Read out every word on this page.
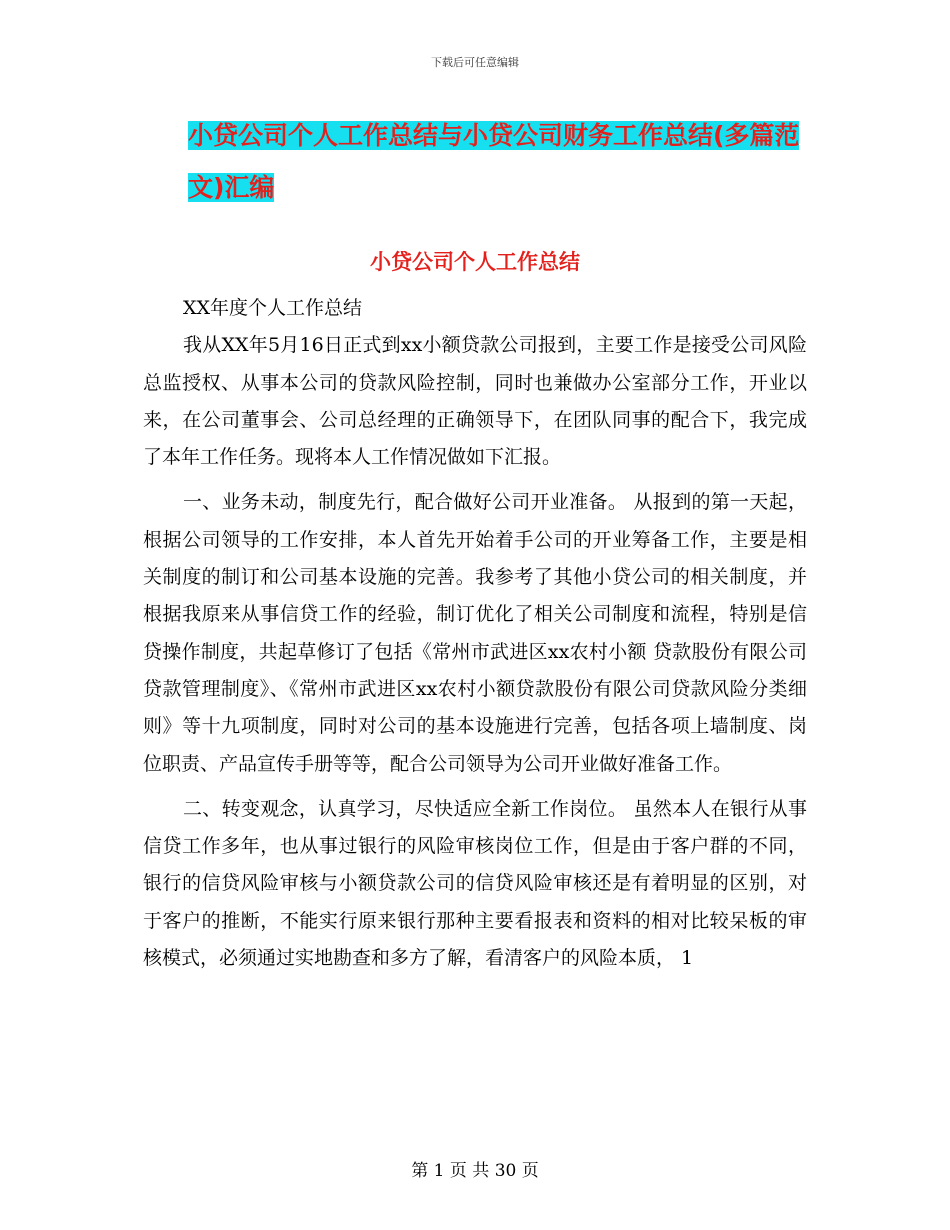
下载后可任意编辑
小贷公司个人工作总结与小贷公司财务工作总结(多篇范文)汇编
小贷公司个人工作总结

XX年度个人工作总结

我从XX年5月16日正式到xx小额贷款公司报到，主要工作是接受公司风险总监授权、从事本公司的贷款风险控制，同时也兼做办公室部分工作，开业以来，在公司董事会、公司总经理的正确领导下，在团队同事的配合下，我完成了本年工作任务。现将本人工作情况做如下汇报。

一、业务未动，制度先行，配合做好公司开业准备。 从报到的第一天起，根据公司领导的工作安排，本人首先开始着手公司的开业筹备工作，主要是相关制度的制订和公司基本设施的完善。我参考了其他小贷公司的相关制度，并根据我原来从事信贷工作的经验，制订优化了相关公司制度和流程，特别是信贷操作制度，共起草修订了包括《常州市武进区xx农村小额 贷款股份有限公司贷款管理制度》、《常州市武进区xx农村小额贷款股份有限公司贷款风险分类细则》等十九项制度，同时对公司的基本设施进行完善，包括各项上墙制度、岗位职责、产品宣传手册等等，配合公司领导为公司开业做好准备工作。

二、转变观念，认真学习，尽快适应全新工作岗位。 虽然本人在银行从事信贷工作多年，也从事过银行的风险审核岗位工作，但是由于客户群的不同，银行的信贷风险审核与小额贷款公司的信贷风险审核还是有着明显的区别，对于客户的推断，不能实行原来银行那种主要看报表和资料的相对比较呆板的审核模式，必须通过实地勘查和多方了解，看清客户的风险本质， 1

第 1 页 共 30 页
